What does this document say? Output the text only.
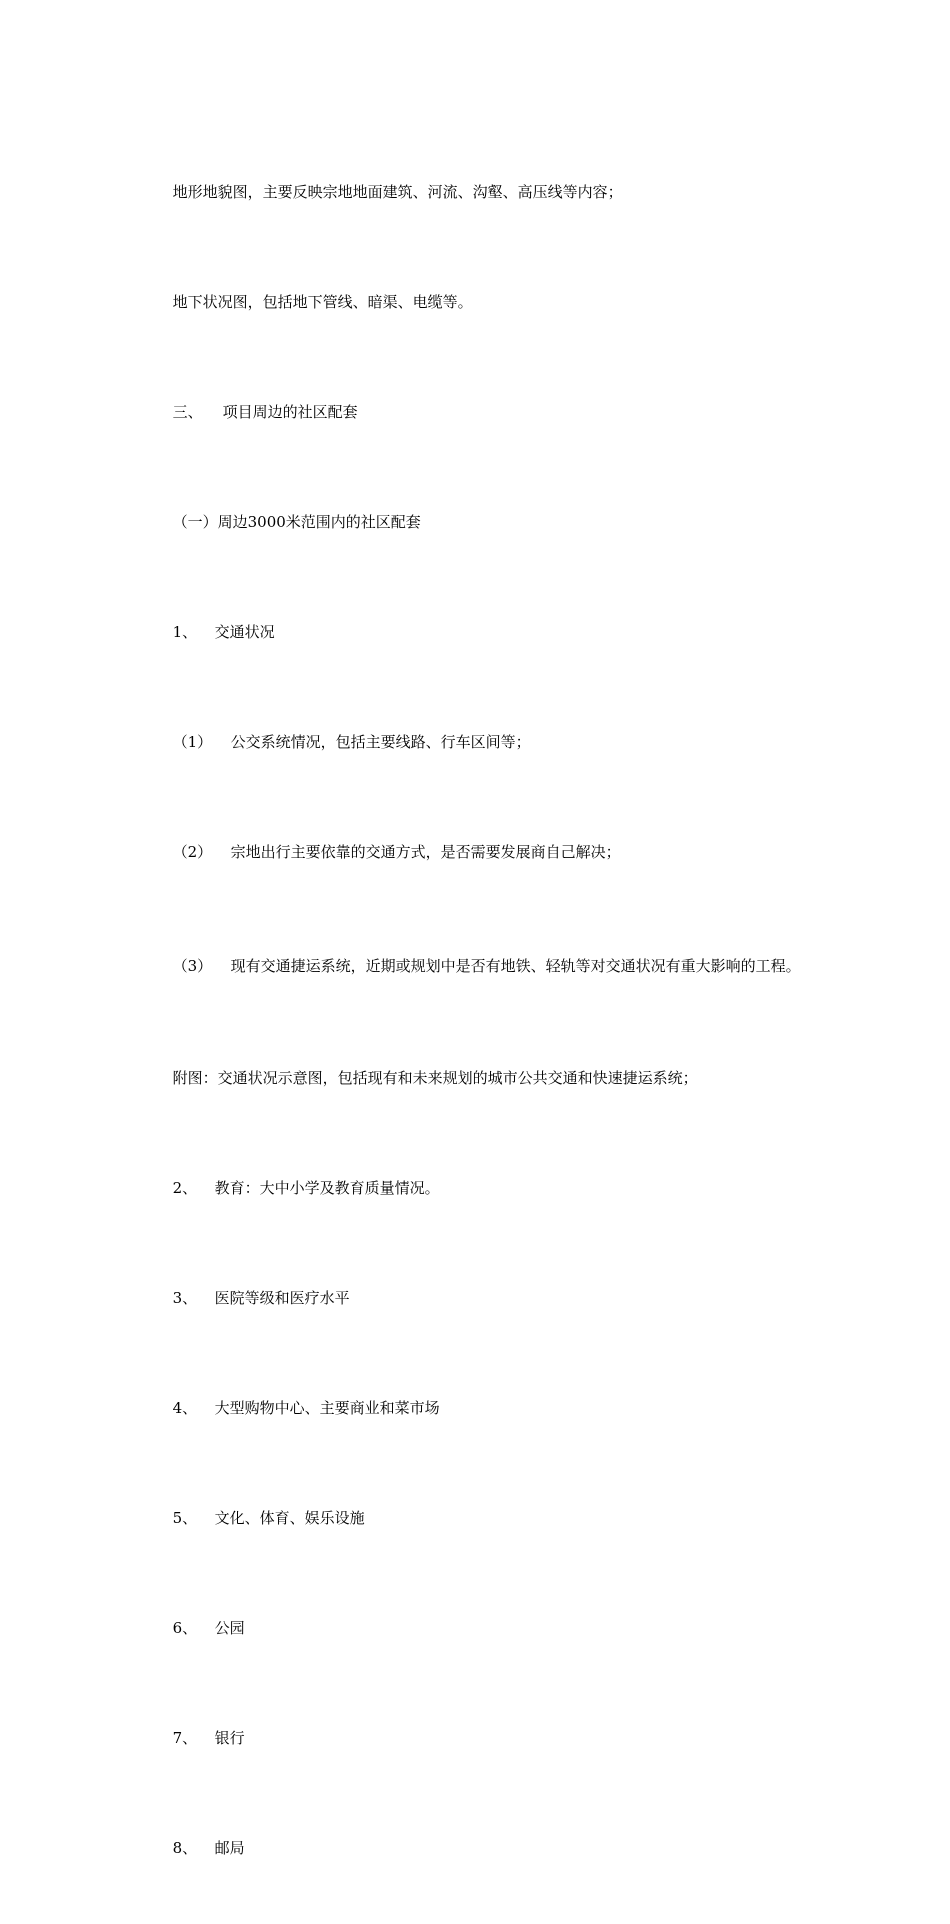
地形地貌图，主要反映宗地地面建筑、河流、沟壑、高压线等内容；

地下状况图，包括地下管线、暗渠、电缆等。

三、 项目周边的社区配套

（一）周边3000米范围内的社区配套

1、 交通状况

（1） 公交系统情况，包括主要线路、行车区间等；

（2） 宗地出行主要依靠的交通方式，是否需要发展商自己解决；

（3） 现有交通捷运系统，近期或规划中是否有地铁、轻轨等对交通状况有重大影响的工程。

附图：交通状况示意图，包括现有和未来规划的城市公共交通和快速捷运系统；

2、 教育：大中小学及教育质量情况。

3、 医院等级和医疗水平

4、 大型购物中心、主要商业和菜市场

5、 文化、体育、娱乐设施

6、 公园

7、 银行

8、 邮局
